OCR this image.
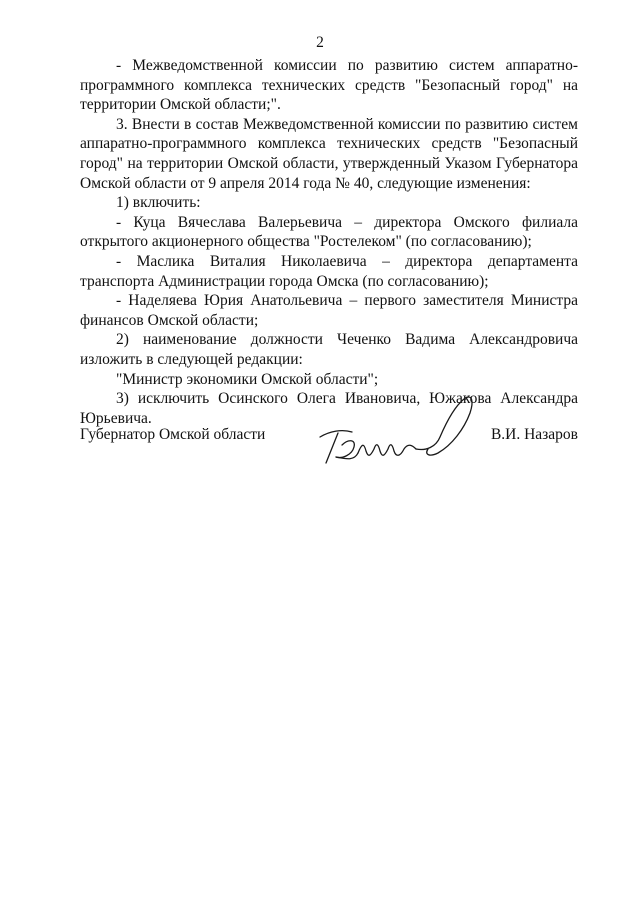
2

- Межведомственной комиссии по развитию систем аппаратно-программного комплекса технических средств "Безопасный город" на территории Омской области;".

3. Внести в состав Межведомственной комиссии по развитию систем аппаратно-программного комплекса технических средств "Безопасный город" на территории Омской области, утвержденный Указом Губернатора Омской области от 9 апреля 2014 года № 40, следующие изменения:

1) включить:

- Куца Вячеслава Валерьевича – директора Омского филиала открытого акционерного общества "Ростелеком" (по согласованию);

- Маслика Виталия Николаевича – директора департамента транспорта Администрации города Омска (по согласованию);

- Наделяева Юрия Анатольевича – первого заместителя Министра финансов Омской области;

2) наименование должности Чеченко Вадима Александровича изложить в следующей редакции:

"Министр экономики Омской области";

3) исключить Осинского Олега Ивановича, Южакова Александра Юрьевича.

Губернатор Омской области	В.И. Назаров
